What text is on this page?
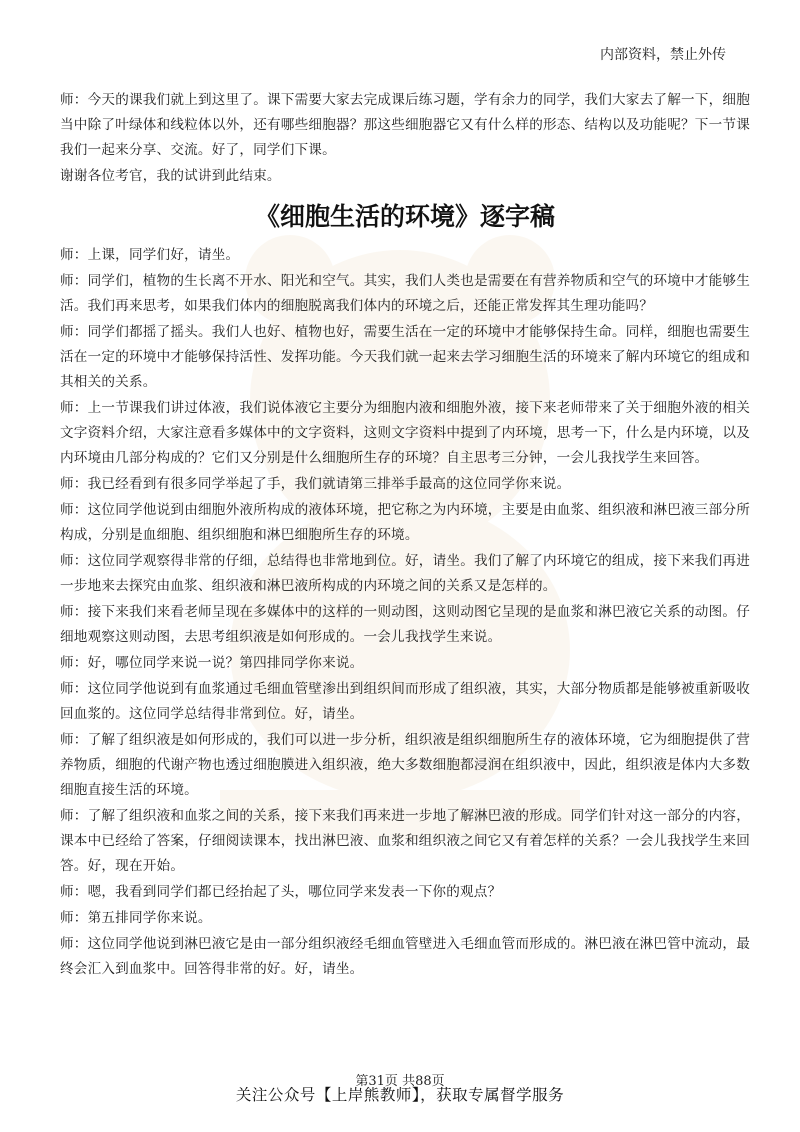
内部资料，禁止外传

师：今天的课我们就上到这里了。课下需要大家去完成课后练习题，学有余力的同学，我们大家去了解一下，细胞当中除了叶绿体和线粒体以外，还有哪些细胞器？那这些细胞器它又有什么样的形态、结构以及功能呢？下一节课我们一起来分享、交流。好了，同学们下课。

谢谢各位考官，我的试讲到此结束。

《细胞生活的环境》逐字稿

师：上课，同学们好，请坐。

师：同学们，植物的生长离不开水、阳光和空气。其实，我们人类也是需要在有营养物质和空气的环境中才能够生活。我们再来思考，如果我们体内的细胞脱离我们体内的环境之后，还能正常发挥其生理功能吗？

师：同学们都摇了摇头。我们人也好、植物也好，需要生活在一定的环境中才能够保持生命。同样，细胞也需要生活在一定的环境中才能够保持活性、发挥功能。今天我们就一起来去学习细胞生活的环境来了解内环境它的组成和其相关的关系。

师：上一节课我们讲过体液，我们说体液它主要分为细胞内液和细胞外液，接下来老师带来了关于细胞外液的相关文字资料介绍，大家注意看多媒体中的文字资料，这则文字资料中提到了内环境，思考一下，什么是内环境，以及内环境由几部分构成的？它们又分别是什么细胞所生存的环境？自主思考三分钟，一会儿我找学生来回答。

师：我已经看到有很多同学举起了手，我们就请第三排举手最高的这位同学你来说。

师：这位同学他说到由细胞外液所构成的液体环境，把它称之为内环境，主要是由血浆、组织液和淋巴液三部分所构成，分别是血细胞、组织细胞和淋巴细胞所生存的环境。

师：这位同学观察得非常的仔细，总结得也非常地到位。好，请坐。我们了解了内环境它的组成，接下来我们再进一步地来去探究由血浆、组织液和淋巴液所构成的内环境之间的关系又是怎样的。

师：接下来我们来看老师呈现在多媒体中的这样的一则动图，这则动图它呈现的是血浆和淋巴液它关系的动图。仔细地观察这则动图，去思考组织液是如何形成的。一会儿我找学生来说。

师：好，哪位同学来说一说？第四排同学你来说。

师：这位同学他说到有血浆通过毛细血管壁渗出到组织间而形成了组织液，其实，大部分物质都是能够被重新吸收回血浆的。这位同学总结得非常到位。好，请坐。

师：了解了组织液是如何形成的，我们可以进一步分析，组织液是组织细胞所生存的液体环境，它为细胞提供了营养物质，细胞的代谢产物也透过细胞膜进入组织液，绝大多数细胞都浸润在组织液中，因此，组织液是体内大多数细胞直接生活的环境。

师：了解了组织液和血浆之间的关系，接下来我们再来进一步地了解淋巴液的形成。同学们针对这一部分的内容，课本中已经给了答案，仔细阅读课本，找出淋巴液、血浆和组织液之间它又有着怎样的关系？一会儿我找学生来回答。好，现在开始。

师：嗯，我看到同学们都已经抬起了头，哪位同学来发表一下你的观点？

师：第五排同学你来说。

师：这位同学他说到淋巴液它是由一部分组织液经毛细血管壁进入毛细血管而形成的。淋巴液在淋巴管中流动，最终会汇入到血浆中。回答得非常的好。好，请坐。

第31页 共88页
关注公众号【上岸熊教师】，获取专属督学服务
